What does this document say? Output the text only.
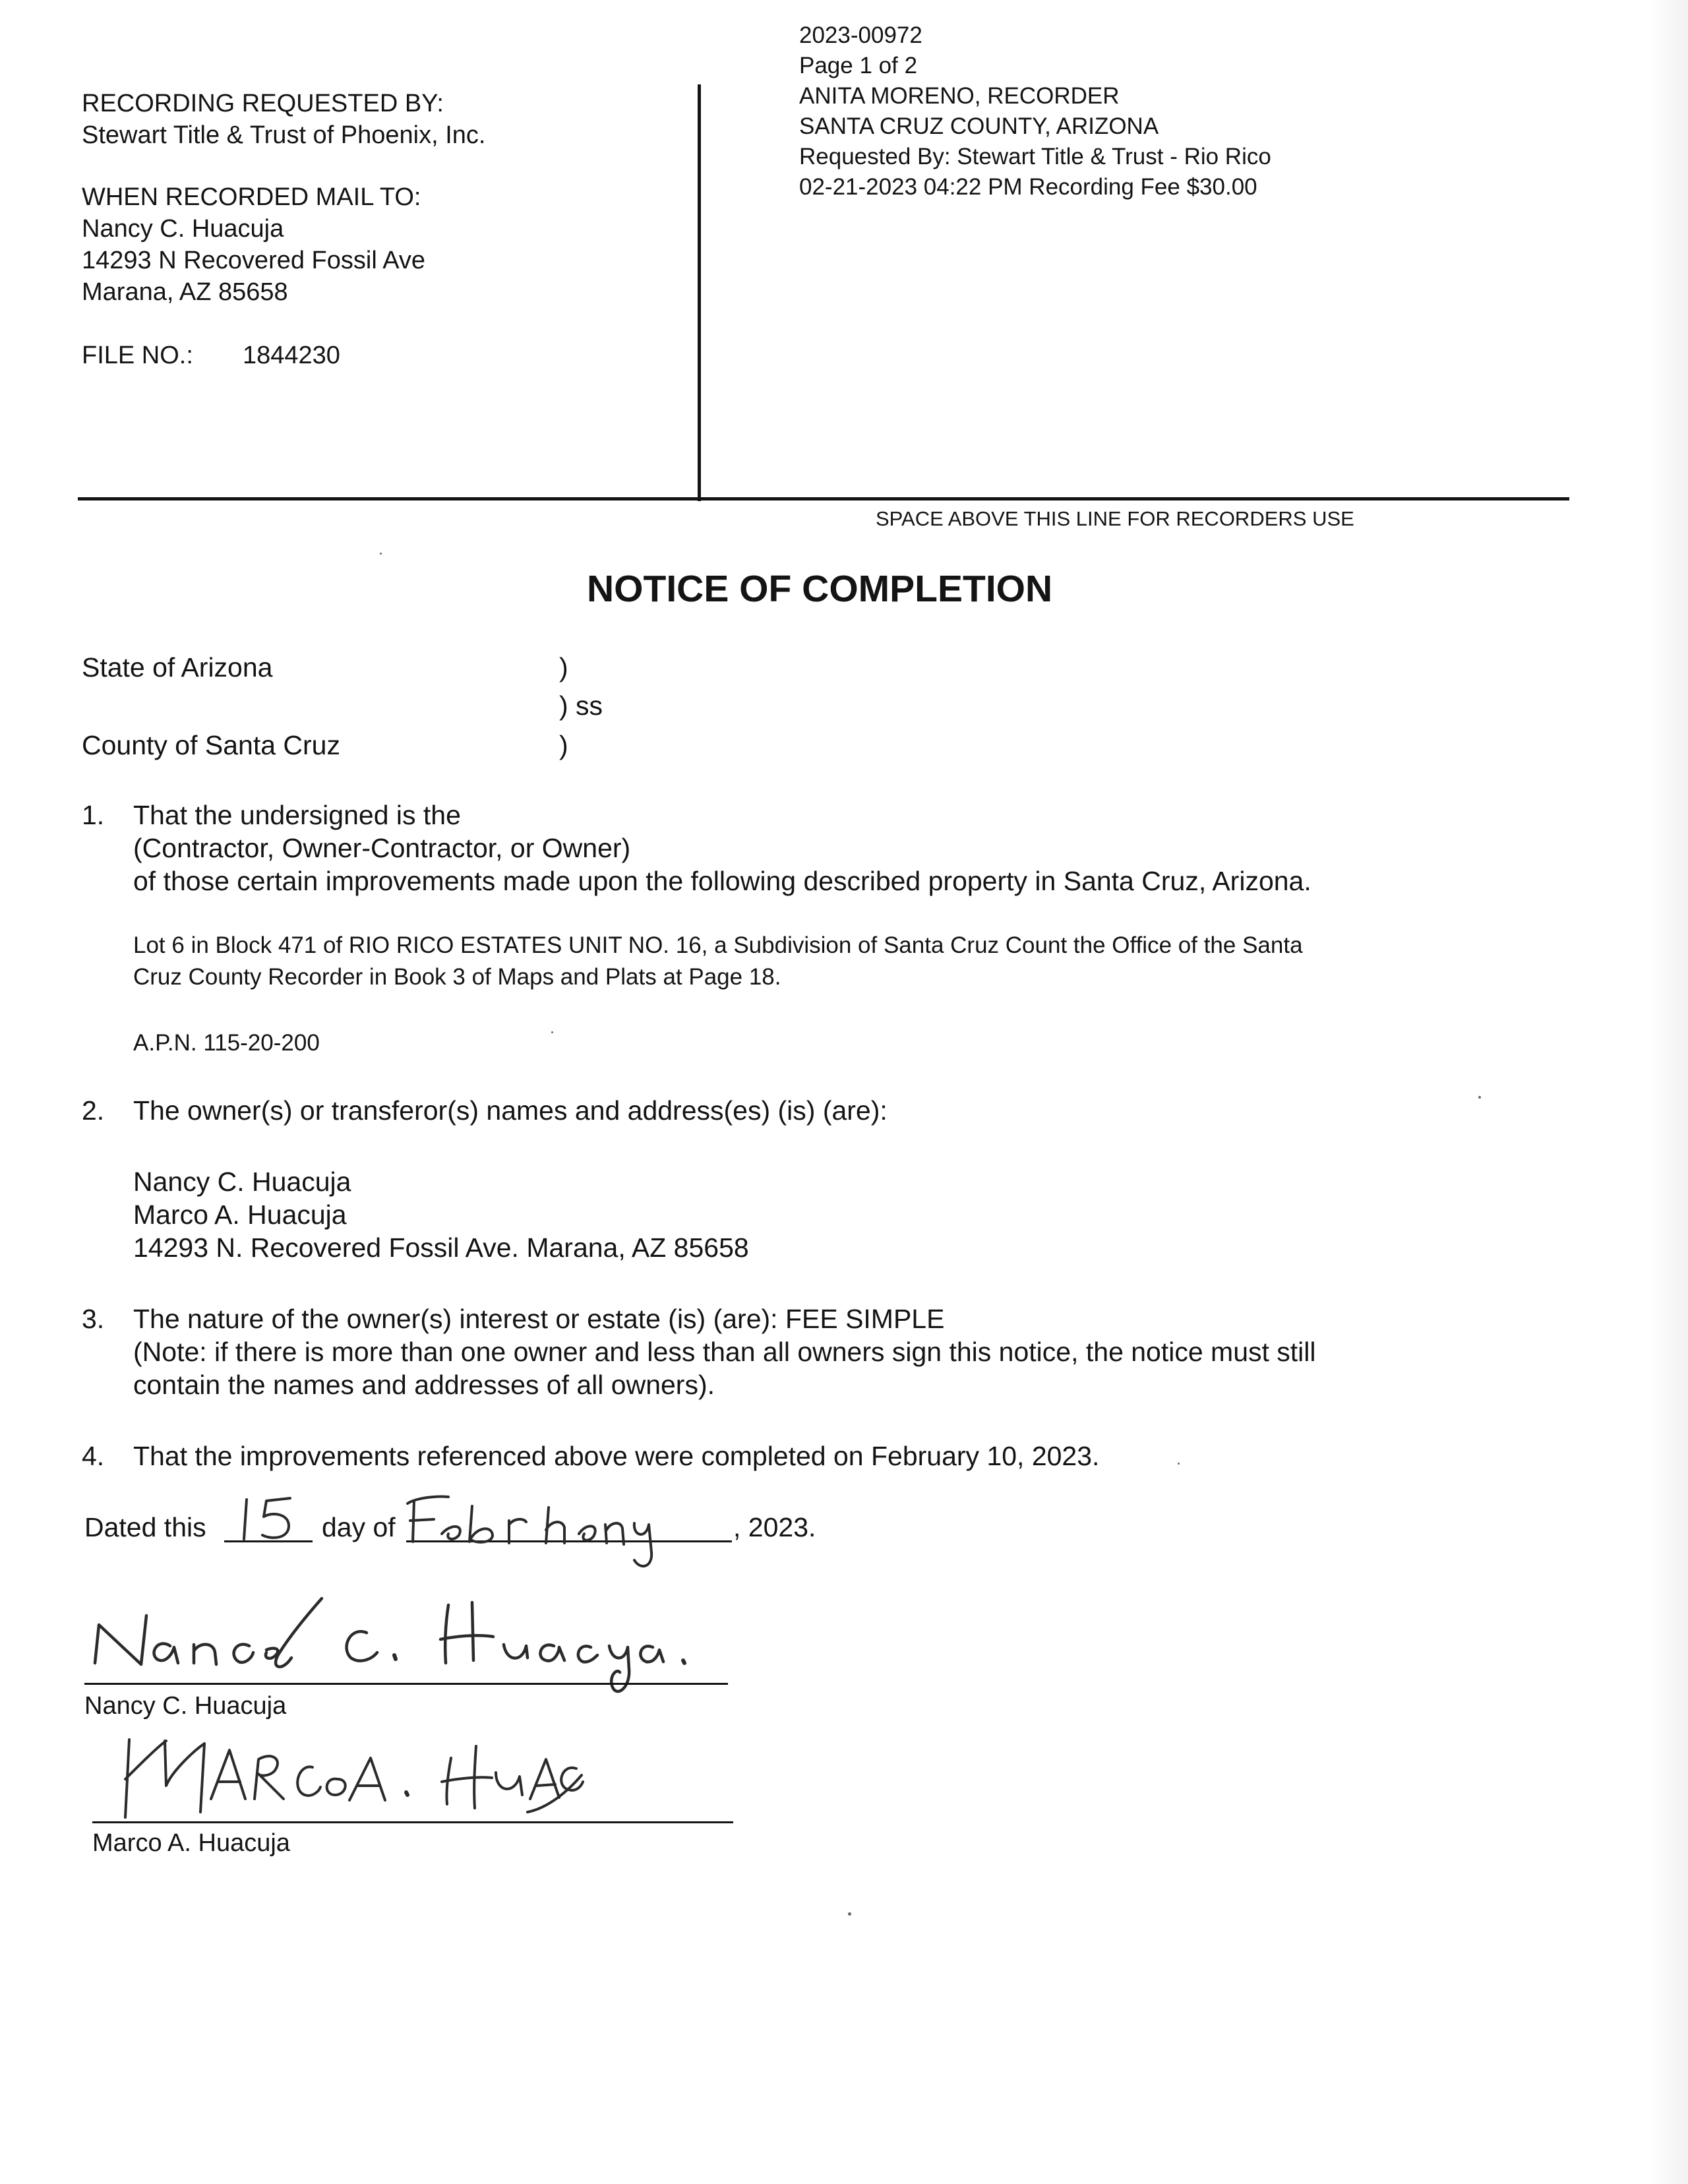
2023-00972
Page 1 of 2
ANITA MORENO, RECORDER
SANTA CRUZ COUNTY, ARIZONA
Requested By: Stewart Title & Trust - Rio Rico
02-21-2023 04:22 PM Recording Fee $30.00
RECORDING REQUESTED BY:
Stewart Title & Trust of Phoenix, Inc.
WHEN RECORDED MAIL TO:
Nancy C. Huacuja
14293 N Recovered Fossil Ave
Marana, AZ 85658
FILE NO.: 1844230
SPACE ABOVE THIS LINE FOR RECORDERS USE
NOTICE OF COMPLETION
State of Arizona	)
) ss
County of Santa Cruz	)
1. That the undersigned is the
(Contractor, Owner-Contractor, or Owner)
of those certain improvements made upon the following described property in Santa Cruz, Arizona.
Lot 6 in Block 471 of RIO RICO ESTATES UNIT NO. 16, a Subdivision of Santa Cruz Count the Office of the Santa
Cruz County Recorder in Book 3 of Maps and Plats at Page 18.
A.P.N. 115-20-200
2. The owner(s) or transferor(s) names and address(es) (is) (are):
Nancy C. Huacuja
Marco A. Huacuja
14293 N. Recovered Fossil Ave. Marana, AZ 85658
3. The nature of the owner(s) interest or estate (is) (are): FEE SIMPLE
(Note: if there is more than one owner and less than all owners sign this notice, the notice must still
contain the names and addresses of all owners).
4. That the improvements referenced above were completed on February 10, 2023.
Dated this	day of	, 2023.
Nancy C. Huacuja
Marco A. Huacuja
